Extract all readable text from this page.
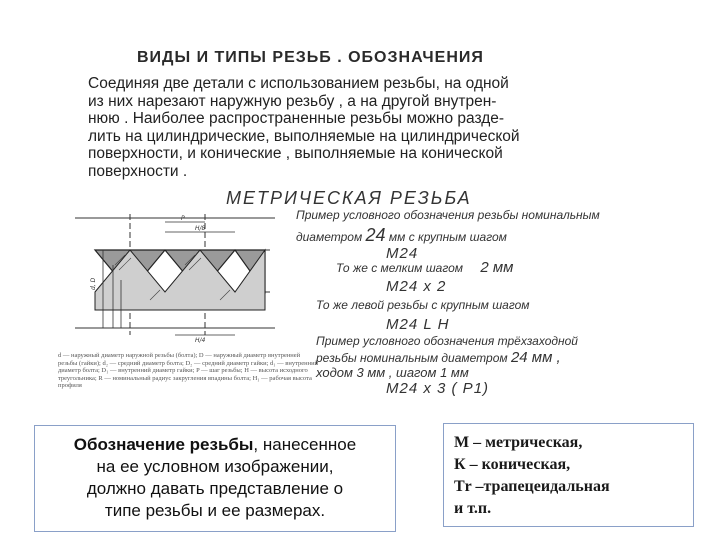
ВИДЫ И ТИПЫ РЕЗЬБ . ОБОЗНАЧЕНИЯ
Соединяя две детали с использованием резьбы, на одной
из них нарезают наружную резьбу , а на другой внутрен-
нюю . Наиболее распространенные резьбы можно разде-
лить на цилиндрические, выполняемые на цилиндрической
поверхности, и конические , выполняемые на конической
поверхности .
МЕТРИЧЕСКАЯ РЕЗЬБА
P
H/8
d, D
H/4
d — наружный диаметр наружной резьбы (болта); D — наружный диаметр внутренней резьбы (гайки); d₂ — средний диаметр болта; D₂ — средний диаметр гайки; d₁ — внутренний диаметр болта; D₁ — внутренний диаметр гайки; P — шаг резьбы; H — высота исходного треугольника; R — номинальный радиус закругления впадины болта; H₁ — рабочая высота профиля
Пример условного обозначения резьбы номинальным
диаметром 24 мм с крупным шагом
M24
То же с мелким шагом 2 мм
M24 x 2
То же левой резьбы с крупным шагом
M24 L H
Пример условного обозначения трёхзаходной
резьбы номинальным диаметром 24 мм ,
ходом 3 мм , шагом 1 мм
M24 x 3 ( P1)
Обозначение резьбы, нанесенное
на ее условном изображении,
должно давать представление о
типе резьбы и ее размерах.
М – метрическая,
К – коническая,
Тr –трапецеидальная
и т.п.
